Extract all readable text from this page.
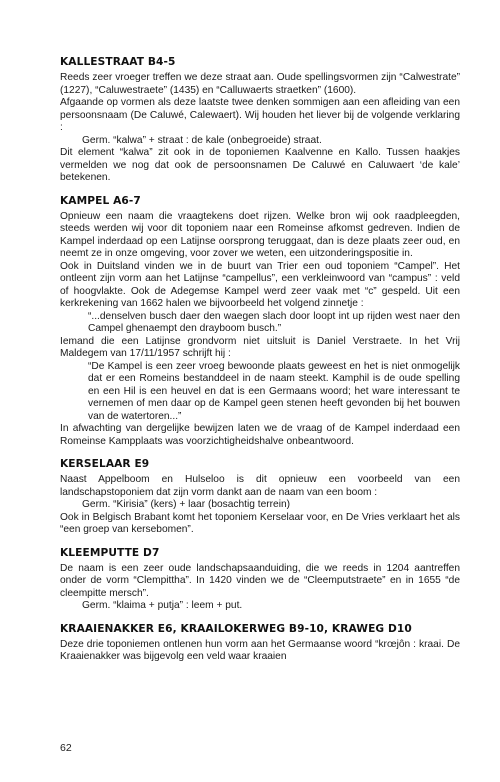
KALLESTRAAT B4-5

Reeds zeer vroeger treffen we deze straat aan. Oude spellingsvormen zijn “Calwestrate” (1227), “Caluwestraete” (1435) en “Calluwaerts straetken” (1600).

Afgaande op vormen als deze laatste twee denken sommigen aan een afleiding van een persoonsnaam (De Caluwé, Calewaert). Wij houden het liever bij de volgende verklaring :

Germ. “kalwa” + straat : de kale (onbegroeide) straat.

Dit element “kalwa” zit ook in de toponiemen Kaalvenne en Kallo. Tussen haakjes vermelden we nog dat ook de persoonsnamen De Caluwé en Caluwaert ‘de kale’ betekenen.

KAMPEL A6-7

Opnieuw een naam die vraagtekens doet rijzen. Welke bron wij ook raadpleegden, steeds werden wij voor dit toponiem naar een Romeinse afkomst gedreven. Indien de Kampel inderdaad op een Latijnse oorsprong teruggaat, dan is deze plaats zeer oud, en neemt ze in onze omgeving, voor zover we weten, een uitzonderingspositie in.

Ook in Duitsland vinden we in de buurt van Trier een oud toponiem “Campel”. Het ontleent zijn vorm aan het Latijnse “campellus”, een verkleinwoord van “campus” : veld of hoogvlakte. Ook de Adegemse Kampel werd zeer vaak met “c” gespeld. Uit een kerkrekening van 1662 halen we bijvoorbeeld het volgend zinnetje :

“...denselven busch daer den waegen slach door loopt int up rijden west naer den Campel ghenaempt den drayboom busch.”

Iemand die een Latijnse grondvorm niet uitsluit is Daniel Verstraete. In het Vrij Maldegem van 17/11/1957 schrijft hij :

“De Kampel is een zeer vroeg bewoonde plaats geweest en het is niet onmogelijk dat er een Romeins bestanddeel in de naam steekt. Kamphil is de oude spelling en een Hil is een heuvel en dat is een Germaans woord; het ware interessant te vernemen of men daar op de Kampel geen stenen heeft gevonden bij het bouwen van de watertoren...”

In afwachting van dergelijke bewijzen laten we de vraag of de Kampel inderdaad een Romeinse Kampplaats was voorzichtigheidshalve onbeantwoord.

KERSELAAR E9

Naast Appelboom en Hulseloo is dit opnieuw een voorbeeld van een landschapstoponiem dat zijn vorm dankt aan de naam van een boom :

Germ. “Kirisia” (kers) + laar (bosachtig terrein)

Ook in Belgisch Brabant komt het toponiem Kerselaar voor, en De Vries verklaart het als “een groep van kersebomen”.

KLEEMPUTTE D7

De naam is een zeer oude landschapsaanduiding, die we reeds in 1204 aantreffen onder de vorm “Clempittha”. In 1420 vinden we de “Cleemputstraete” en in 1655 “de cleempitte mersch”.

Germ. “klaima + putja” : leem + put.

KRAAIENAKKER E6, KRAAILOKERWEG B9-10, KRAWEG D10

Deze drie toponiemen ontlenen hun vorm aan het Germaanse woord “krœjôn : kraai. De Kraaienakker was bijgevolg een veld waar kraaien

62
